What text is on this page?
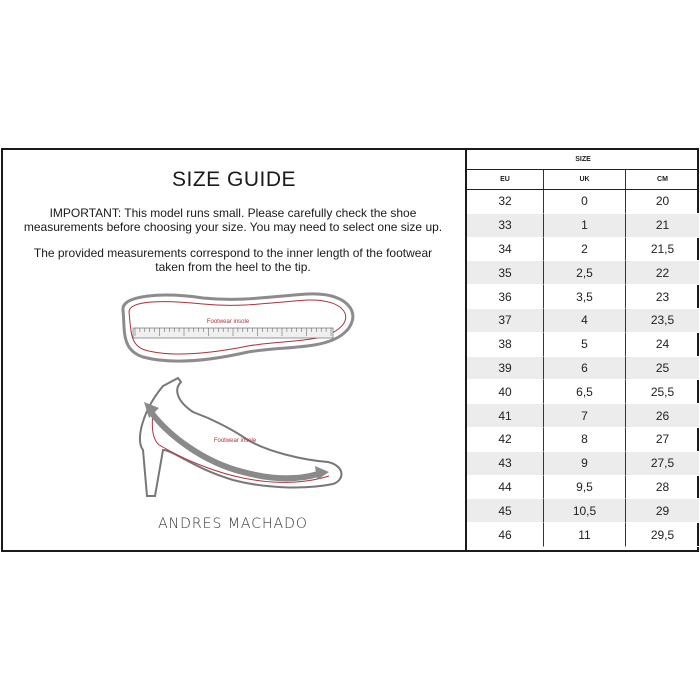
SIZE GUIDE
IMPORTANT: This model runs small. Please carefully check the shoe measurements before choosing your size. You may need to select one size up.
The provided measurements correspond to the inner length of the footwear taken from the heel to the tip.
Footwear insole
Footwear insole
ANDRES MACHADO
SIZE
EU	UK	CM
32	0	20
33	1	21
34	2	21,5
35	2,5	22
36	3,5	23
37	4	23,5
38	5	24
39	6	25
40	6,5	25,5
41	7	26
42	8	27
43	9	27,5
44	9,5	28
45	10,5	29
46	11	29,5
